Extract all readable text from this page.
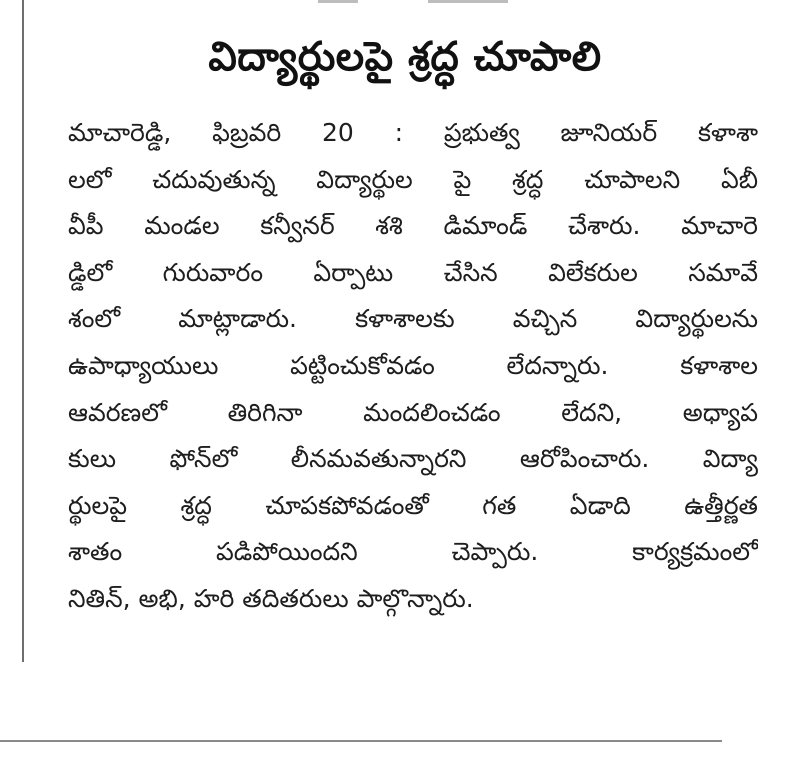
విద్యార్థులపై శ్రద్ధ చూపాలి
మాచారెడ్డి, ఫిబ్రవరి 20 : ప్రభుత్వ జూనియర్ కళాశా
లలో చదువుతున్న విద్యార్థుల పై శ్రద్ధ చూపాలని ఏబీ
వీపీ మండల కన్వీనర్ శశి డిమాండ్ చేశారు. మాచారె
డ్డిలో గురువారం ఏర్పాటు చేసిన విలేకరుల సమావే
శంలో మాట్లాడారు. కళాశాలకు వచ్చిన విద్యార్థులను
ఉపాధ్యాయులు పట్టించుకోవడం లేదన్నారు. కళాశాల
ఆవరణలో తిరిగినా మందలించడం లేదని, అధ్యాప
కులు ఫోన్‌లో లీనమవతున్నారని ఆరోపించారు. విద్యా
ర్థులపై శ్రద్ధ చూపకపోవడంతో గత ఏడాది ఉత్తీర్ణత
శాతం పడిపోయిందని చెప్పారు. కార్యక్రమంలో
నితిన్, అభి, హరి తదితరులు పాల్గొన్నారు.
